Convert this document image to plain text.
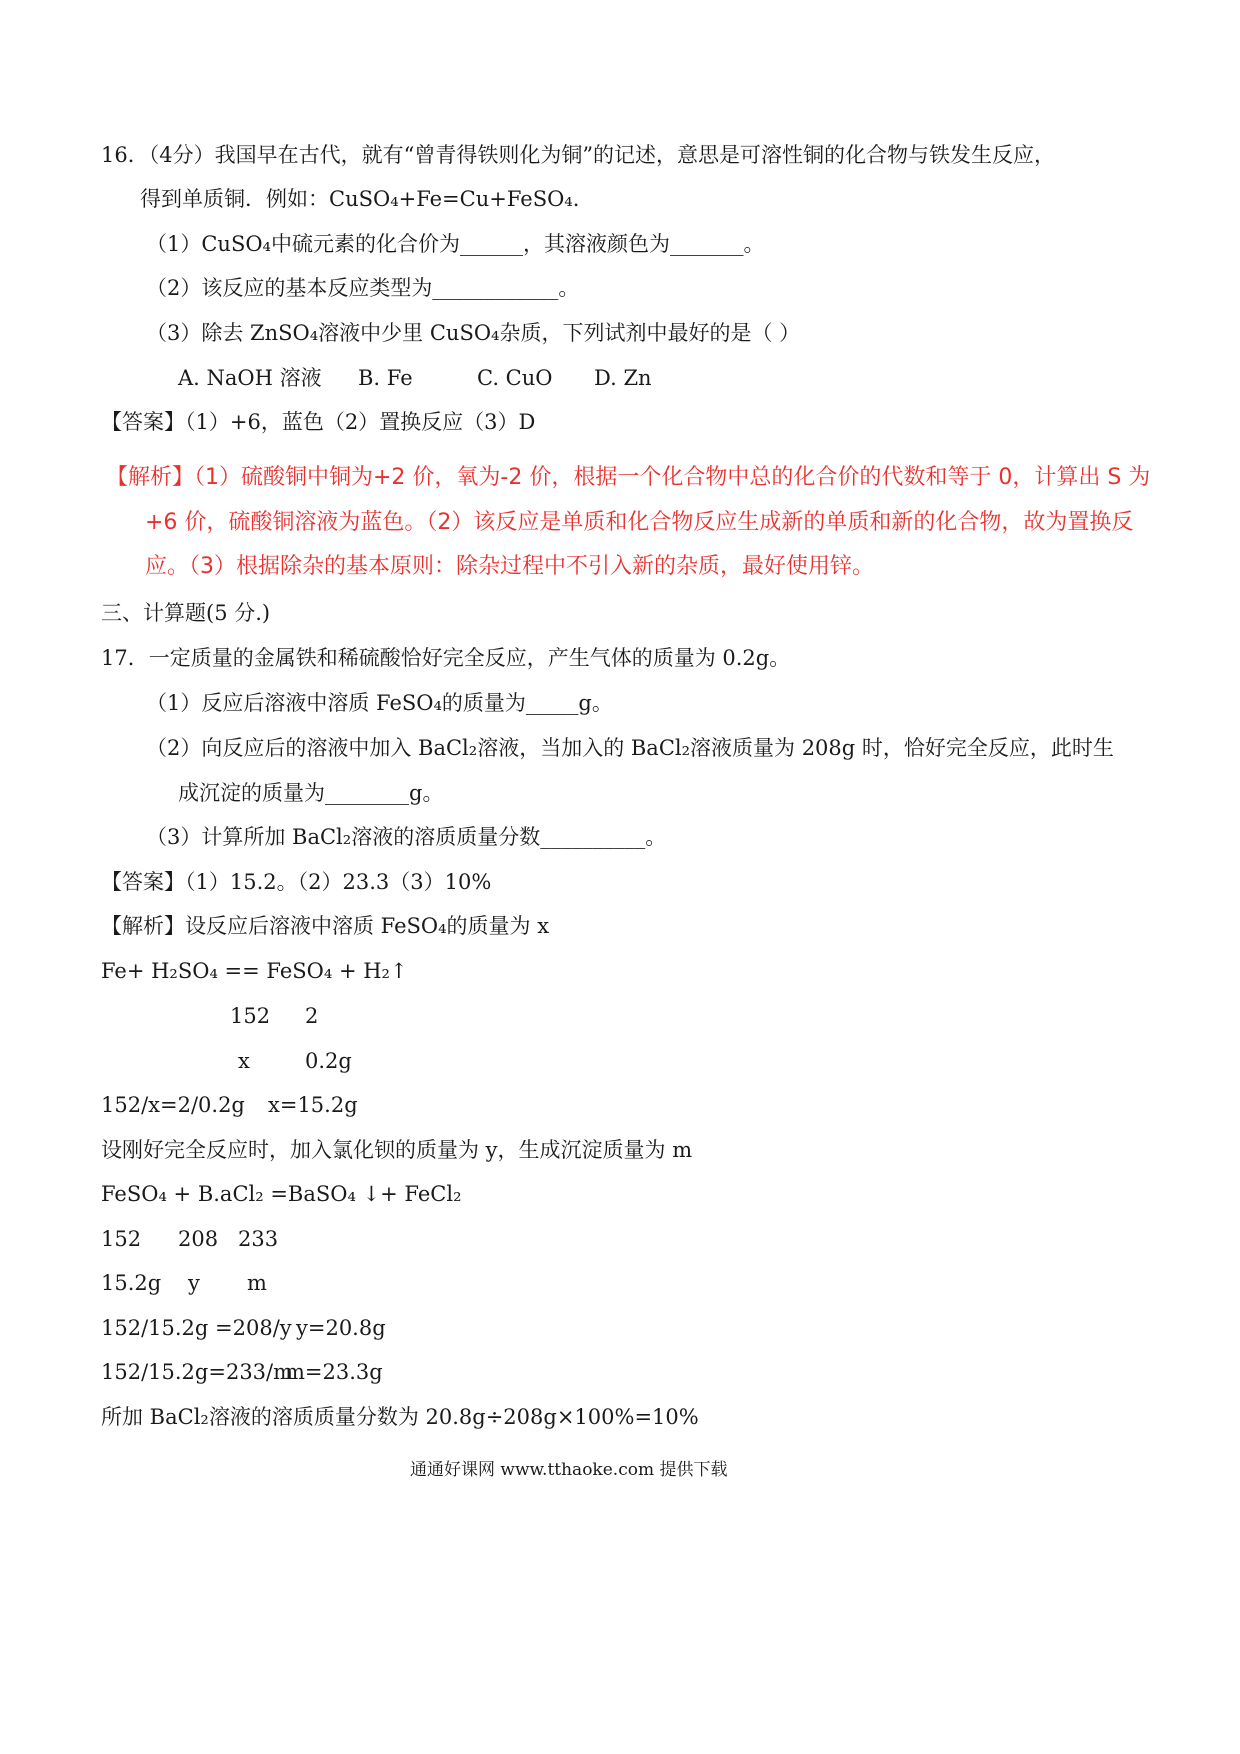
16．（4分）我国早在古代，就有“曾青得铁则化为铜”的记述，意思是可溶性铜的化合物与铁发生反应，
得到单质铜．例如：CuSO₄+Fe=Cu+FeSO₄.
（1）CuSO₄中硫元素的化合价为______，其溶液颜色为_______。
（2）该反应的基本反应类型为____________。
（3）除去 ZnSO₄溶液中少里 CuSO₄杂质，下列试剂中最好的是（ ）
A. NaOH 溶液 B. Fe	C. CuO D. Zn
【答案】（1）+6，蓝色（2）置换反应（3）D
【解析】（1）硫酸铜中铜为+2 价，氧为-2 价，根据一个化合物中总的化合价的代数和等于 0，计算出 S 为
+6 价，硫酸铜溶液为蓝色。（2）该反应是单质和化合物反应生成新的单质和新的化合物，故为置换反
应。（3）根据除杂的基本原则：除杂过程中不引入新的杂质，最好使用锌。
三、计算题(5 分.)
17．一定质量的金属铁和稀硫酸恰好完全反应，产生气体的质量为 0.2g。
（1）反应后溶液中溶质 FeSO₄的质量为_____g。
（2）向反应后的溶液中加入 BaCl₂溶液，当加入的 BaCl₂溶液质量为 208g 时，恰好完全反应，此时生
成沉淀的质量为________g。
（3）计算所加 BaCl₂溶液的溶质质量分数__________。
【答案】（1）15.2。（2）23.3（3）10%
【解析】设反应后溶液中溶质 FeSO₄的质量为 x
Fe+ H₂SO₄ == FeSO₄ + H₂↑
152 2
x	0.2g
152/x=2/0.2g x=15.2g
设刚好完全反应时，加入氯化钡的质量为 y，生成沉淀质量为 m
FeSO₄ + B.aCl₂ =BaSO₄ ↓+ FeCl₂
152 208 233
15.2g y m
152/15.2g =208/y y=20.8g
152/15.2g=233/m
m=23.3g
所加 BaCl₂溶液的溶质质量分数为 20.8g÷208g×100%=10%
通通好课网 www.tthaoke.com 提供下载
